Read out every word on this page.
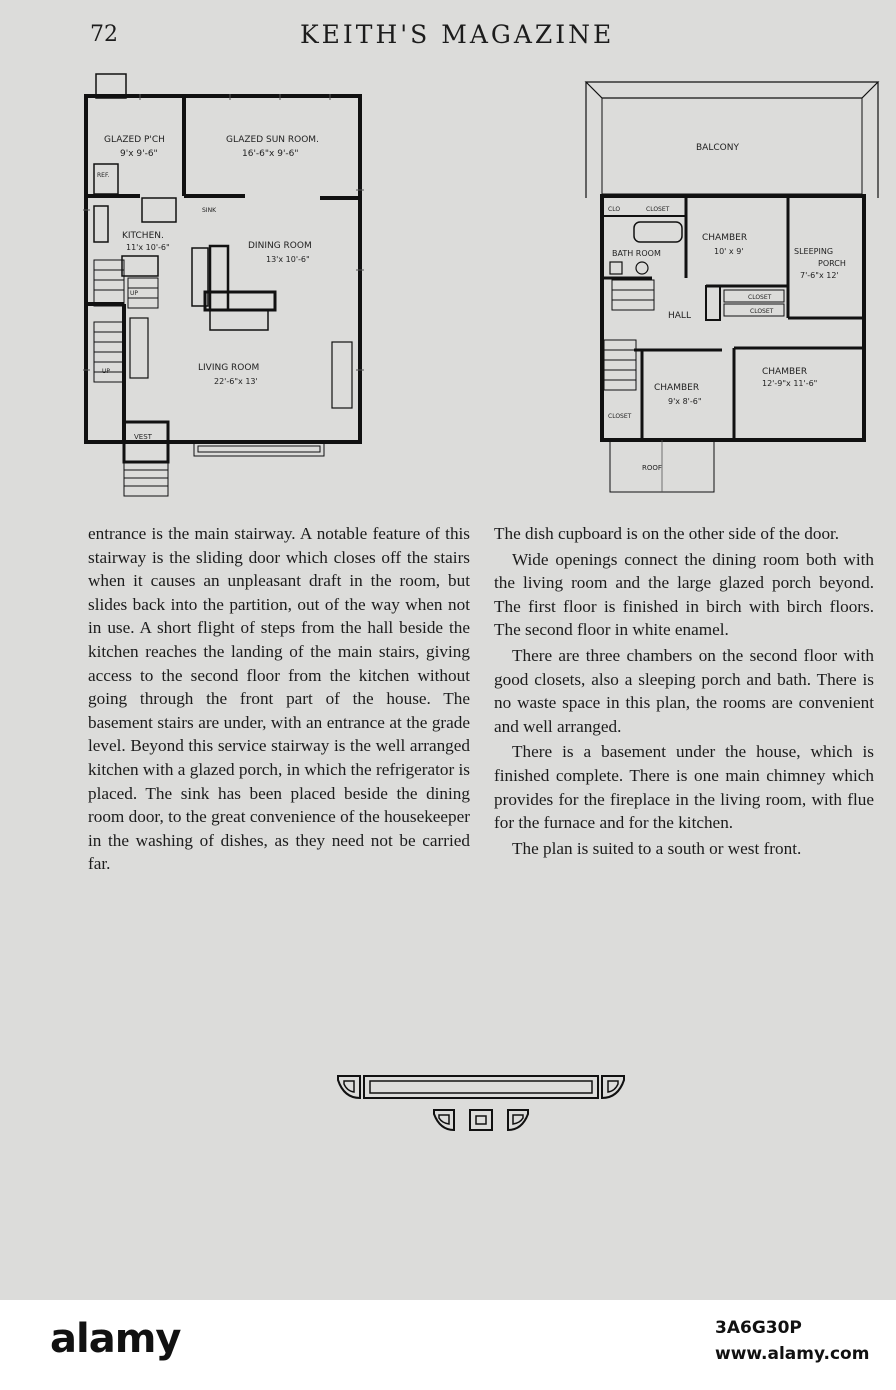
72	KEITH'S MAGAZINE
GLAZED P'CH
9'x 9'-6"
GLAZED SUN ROOM.
16'-6"x 9'-6"
REF.
SINK
KITCHEN.
11'x 10'-6"	DINING ROOM
13'x 10'-6"
UP
UP	LIVING ROOM
22'-6"x 13'
VEST
BALCONY
CLO	CLOSET
BATH ROOM
CHAMBER
10' x 9'	SLEEPING
PORCH
7'-6"x 12'
CLOSET
CLOSET
HALL
CHAMBER
9'x 8'-6"
CHAMBER
12'-9"x 11'-6"
CLOSET
ROOF

entrance is the main stairway. A notable feature of this stairway is the sliding door which closes off the stairs when it causes an unpleasant draft in the room, but slides back into the partition, out of the way when not in use. A short flight of steps from the hall beside the kitchen reaches the landing of the main stairs, giving access to the second floor from the kitchen without going through the front part of the house. The basement stairs are under, with an entrance at the grade level. Beyond this service stairway is the well arranged kitchen with a glazed porch, in which the refrigerator is placed. The sink has been placed beside the dining room door, to the great convenience of the housekeeper in the washing of dishes, as they need not be carried far.

The dish cupboard is on the other side of the door.

Wide openings connect the dining room both with the living room and the large glazed porch beyond. The first floor is finished in birch with birch floors. The second floor in white enamel.

There are three chambers on the second floor with good closets, also a sleeping porch and bath. There is no waste space in this plan, the rooms are convenient and well arranged.

There is a basement under the house, which is finished complete. There is one main chimney which provides for the fireplace in the living room, with flue for the furnace and for the kitchen.

The plan is suited to a south or west front.

alamy	3A6G30P
www.alamy.com
